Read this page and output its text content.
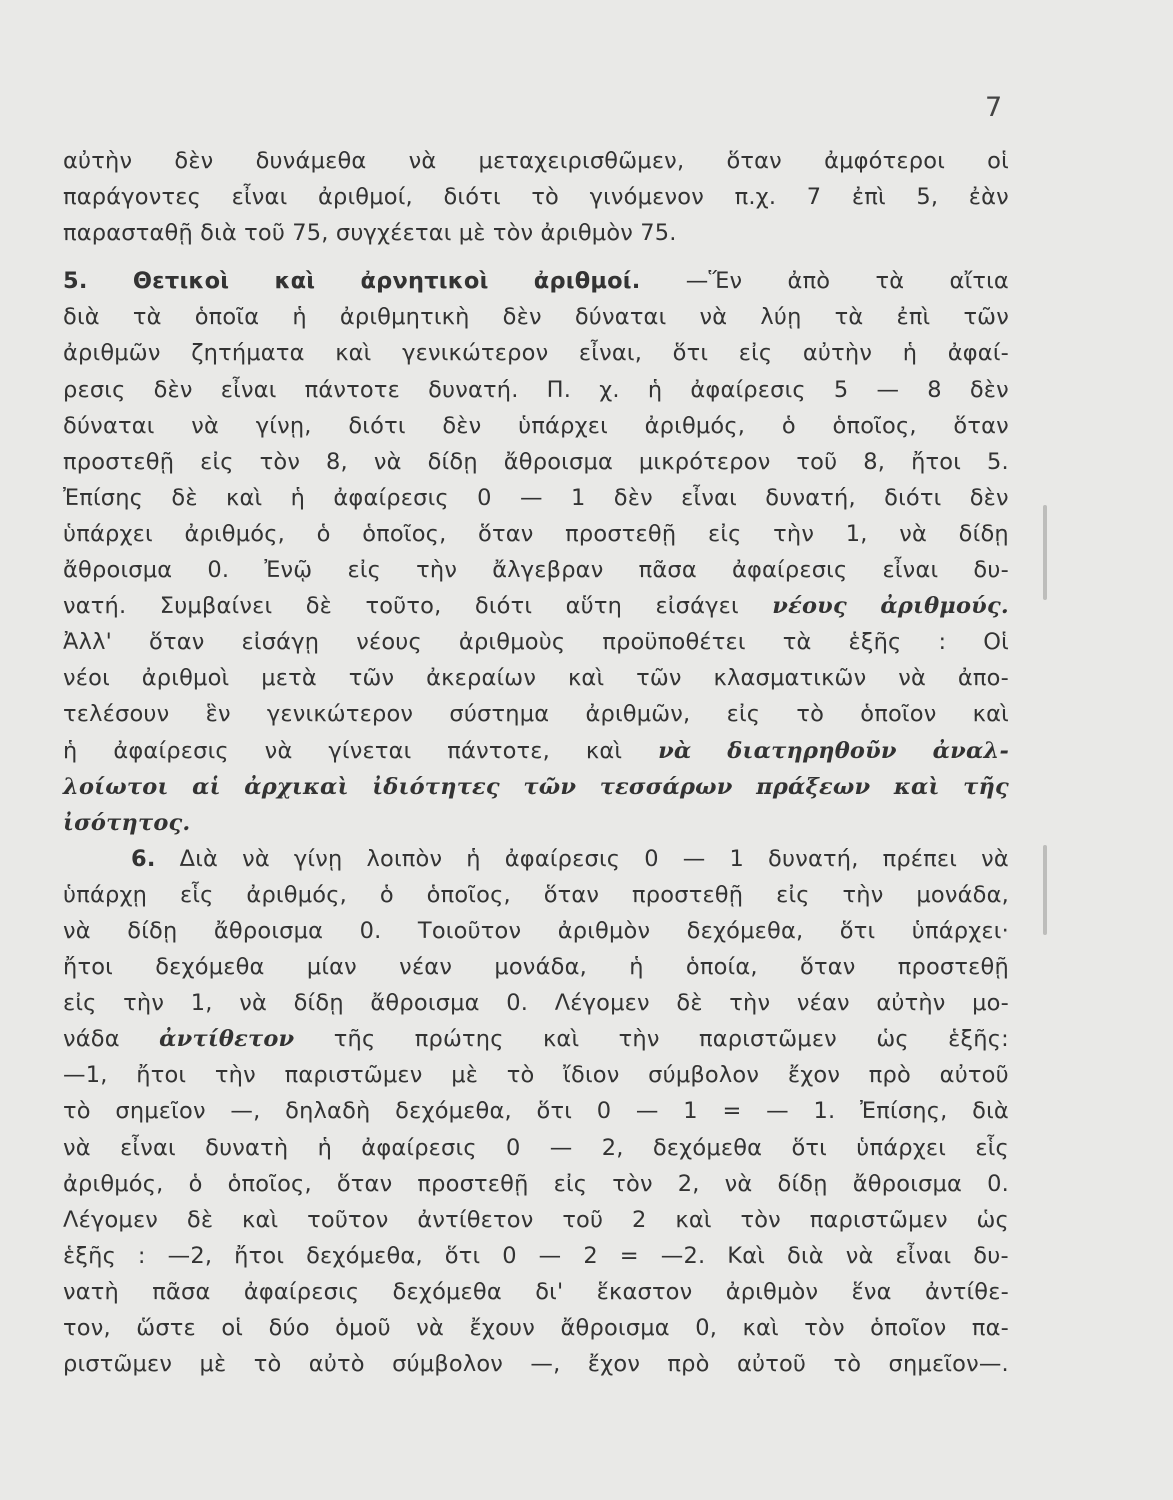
7
αὐτὴν δὲν δυνάμεθα νὰ μεταχειρισθῶμεν, ὅταν ἀμφότεροι οἱ
παράγοντες εἶναι ἀριθμοί, διότι τὸ γινόμενον π.χ. 7 ἐπὶ 5, ἐὰν
παρασταθῇ διὰ τοῦ 75, συγχέεται μὲ τὸν ἀριθμὸν 75.
5. Θετικοὶ καὶ ἀρνητικοὶ ἀριθμοί. —Ἕν ἀπὸ τὰ αἴτια
διὰ τὰ ὁποῖα ἡ ἀριθμητικὴ δὲν δύναται νὰ λύῃ τὰ ἐπὶ τῶν
ἀριθμῶν ζητήματα καὶ γενικώτερον εἶναι, ὅτι εἰς αὐτὴν ἡ ἀφαί-
ρεσις δὲν εἶναι πάντοτε δυνατή. Π. χ. ἡ ἀφαίρεσις 5 — 8 δὲν
δύναται νὰ γίνῃ, διότι δὲν ὑπάρχει ἀριθμός, ὁ ὁποῖος, ὅταν
προστεθῇ εἰς τὸν 8, νὰ δίδῃ ἄθροισμα μικρότερον τοῦ 8, ἤτοι 5.
Ἐπίσης δὲ καὶ ἡ ἀφαίρεσις 0 — 1 δὲν εἶναι δυνατή, διότι δὲν
ὑπάρχει ἀριθμός, ὁ ὁποῖος, ὅταν προστεθῇ εἰς τὴν 1, νὰ δίδῃ
ἄθροισμα 0. Ἐνῷ εἰς τὴν ἄλγεβραν πᾶσα ἀφαίρεσις εἶναι δυ-
νατή. Συμβαίνει δὲ τοῦτο, διότι αὕτη εἰσάγει νέους ἀριθμούς.
Ἀλλ' ὅταν εἰσάγῃ νέους ἀριθμοὺς προϋποθέτει τὰ ἑξῆς : Οἱ
νέοι ἀριθμοὶ μετὰ τῶν ἀκεραίων καὶ τῶν κλασματικῶν νὰ ἀπο-
τελέσουν ἓν γενικώτερον σύστημα ἀριθμῶν, εἰς τὸ ὁποῖον καὶ
ἡ ἀφαίρεσις νὰ γίνεται πάντοτε, καὶ νὰ διατηρηθοῦν ἀναλ-
λοίωτοι αἱ ἀρχικαὶ ἰδιότητες τῶν τεσσάρων πράξεων καὶ τῆς
ἰσότητος.
6. Διὰ νὰ γίνῃ λοιπὸν ἡ ἀφαίρεσις 0 — 1 δυνατή, πρέπει νὰ
ὑπάρχῃ εἷς ἀριθμός, ὁ ὁποῖος, ὅταν προστεθῇ εἰς τὴν μονάδα,
νὰ δίδῃ ἄθροισμα 0. Τοιοῦτον ἀριθμὸν δεχόμεθα, ὅτι ὑπάρχει·
ἤτοι δεχόμεθα μίαν νέαν μονάδα, ἡ ὁποία, ὅταν προστεθῇ
εἰς τὴν 1, νὰ δίδῃ ἄθροισμα 0. Λέγομεν δὲ τὴν νέαν αὐτὴν μο-
νάδα ἀντίθετον τῆς πρώτης καὶ τὴν παριστῶμεν ὡς ἑξῆς:
—1, ἤτοι τὴν παριστῶμεν μὲ τὸ ἴδιον σύμβολον ἔχον πρὸ αὐτοῦ
τὸ σημεῖον —, δηλαδὴ δεχόμεθα, ὅτι 0 — 1 = — 1. Ἐπίσης, διὰ
νὰ εἶναι δυνατὴ ἡ ἀφαίρεσις 0 — 2, δεχόμεθα ὅτι ὑπάρχει εἷς
ἀριθμός, ὁ ὁποῖος, ὅταν προστεθῇ εἰς τὸν 2, νὰ δίδῃ ἄθροισμα 0.
Λέγομεν δὲ καὶ τοῦτον ἀντίθετον τοῦ 2 καὶ τὸν παριστῶμεν ὡς
ἑξῆς : —2, ἤτοι δεχόμεθα, ὅτι 0 — 2 = —2. Καὶ διὰ νὰ εἶναι δυ-
νατὴ πᾶσα ἀφαίρεσις δεχόμεθα δι' ἕκαστον ἀριθμὸν ἕνα ἀντίθε-
τον, ὥστε οἱ δύο ὁμοῦ νὰ ἔχουν ἄθροισμα 0, καὶ τὸν ὁποῖον πα-
ριστῶμεν μὲ τὸ αὐτὸ σύμβολον —, ἔχον πρὸ αὐτοῦ τὸ σημεῖον—.
